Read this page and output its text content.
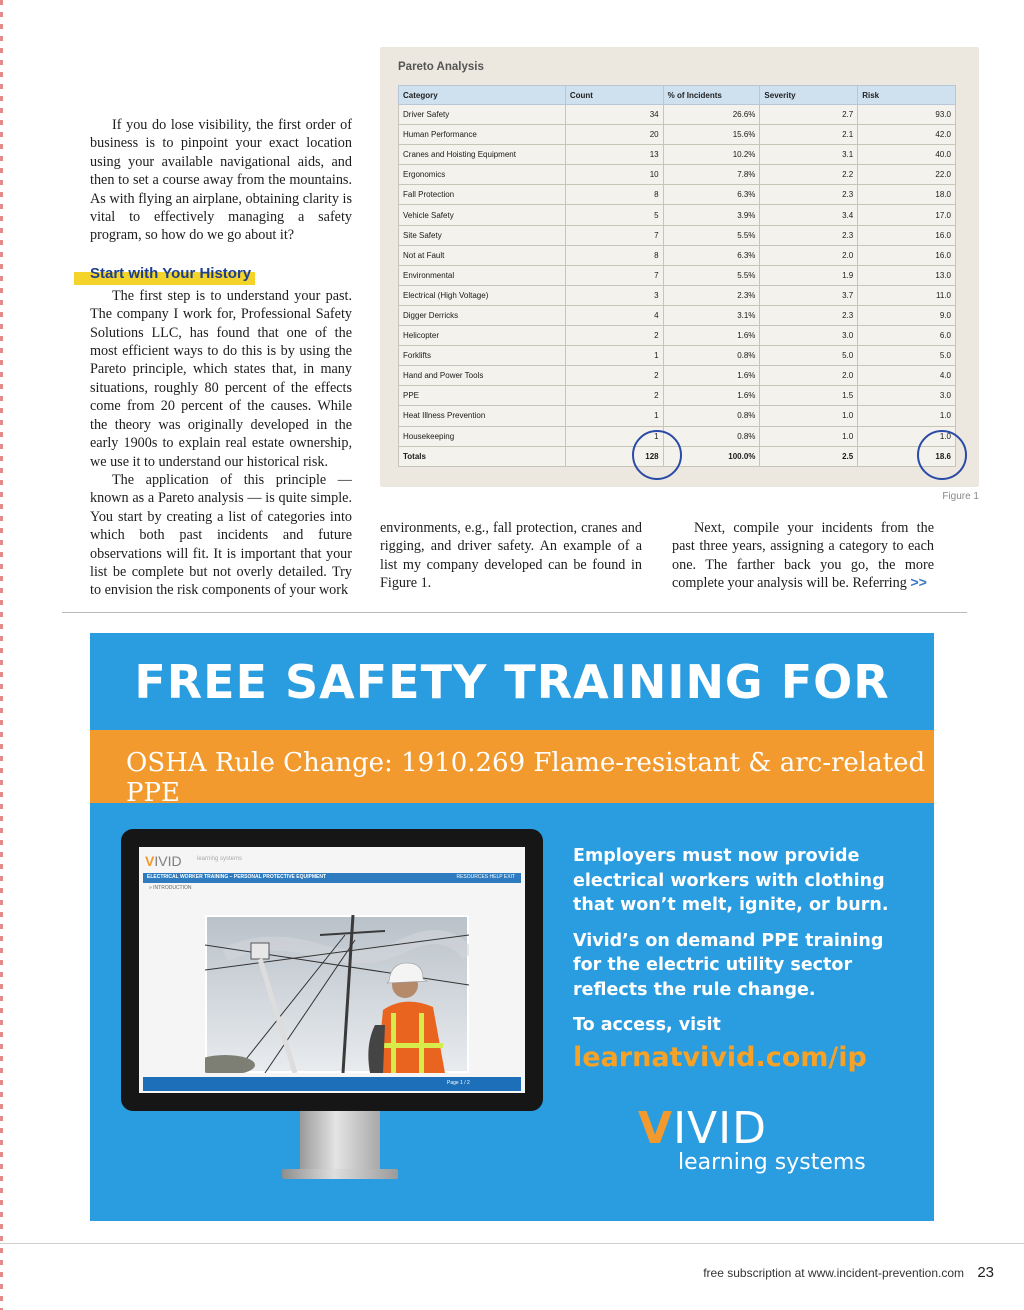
If you do lose visibility, the first order of business is to pinpoint your exact location using your available navigational aids, and then to set a course away from the mountains. As with flying an airplane, obtaining clarity is vital to effectively managing a safety program, so how do we go about it?

Start with Your History

The first step is to understand your past. The company I work for, Professional Safety Solutions LLC, has found that one of the most efficient ways to do this is by using the Pareto principle, which states that, in many situations, roughly 80 percent of the effects come from 20 percent of the causes. While the theory was originally developed in the early 1900s to explain real estate ownership, we use it to understand our historical risk.

The application of this principle — known as a Pareto analysis — is quite simple. You start by creating a list of categories into which both past incidents and future observations will fit. It is important that your list be complete but not overly detailed. Try to envision the risk components of your work

environments, e.g., fall protection, cranes and rigging, and driver safety. An example of a list my company developed can be found in Figure 1.

Next, compile your incidents from the past three years, assigning a category to each one. The farther back you go, the more complete your analysis will be. Referring >>

Pareto Analysis
Category	Count	% of Incidents	Severity	Risk
Driver Safety	34	26.6%	2.7	93.0
Human Performance	20	15.6%	2.1	42.0
Cranes and Hoisting Equipment	13	10.2%	3.1	40.0
Ergonomics	10	7.8%	2.2	22.0
Fall Protection	8	6.3%	2.3	18.0
Vehicle Safety	5	3.9%	3.4	17.0
Site Safety	7	5.5%	2.3	16.0
Not at Fault	8	6.3%	2.0	16.0
Environmental	7	5.5%	1.9	13.0
Electrical (High Voltage)	3	2.3%	3.7	11.0
Digger Derricks	4	3.1%	2.3	9.0
Helicopter	2	1.6%	3.0	6.0
Forklifts	1	0.8%	5.0	5.0
Hand and Power Tools	2	1.6%	2.0	4.0
PPE	2	1.6%	1.5	3.0
Heat Illness Prevention	1	0.8%	1.0	1.0
Housekeeping	1	0.8%	1.0	1.0
Totals	128	100.0%	2.5	18.6
Figure 1
FREE SAFETY TRAINING FOR
OSHA Rule Change: 1910.269 Flame-resistant & arc-related PPE
VIVID	learning systems
ELECTRICAL WORKER TRAINING – PERSONAL PROTECTIVE EQUIPMENT	RESOURCES HELP EXIT
» INTRODUCTION
Page 1 / 2

Employers must now provide electrical workers with clothing that won’t melt, ignite, or burn.

Vivid’s on demand PPE training for the electric utility sector reflects the rule change.

To access, visit

learnatvivid.com/ip
VIVID
learning systems
free subscription at www.incident-prevention.com 23
